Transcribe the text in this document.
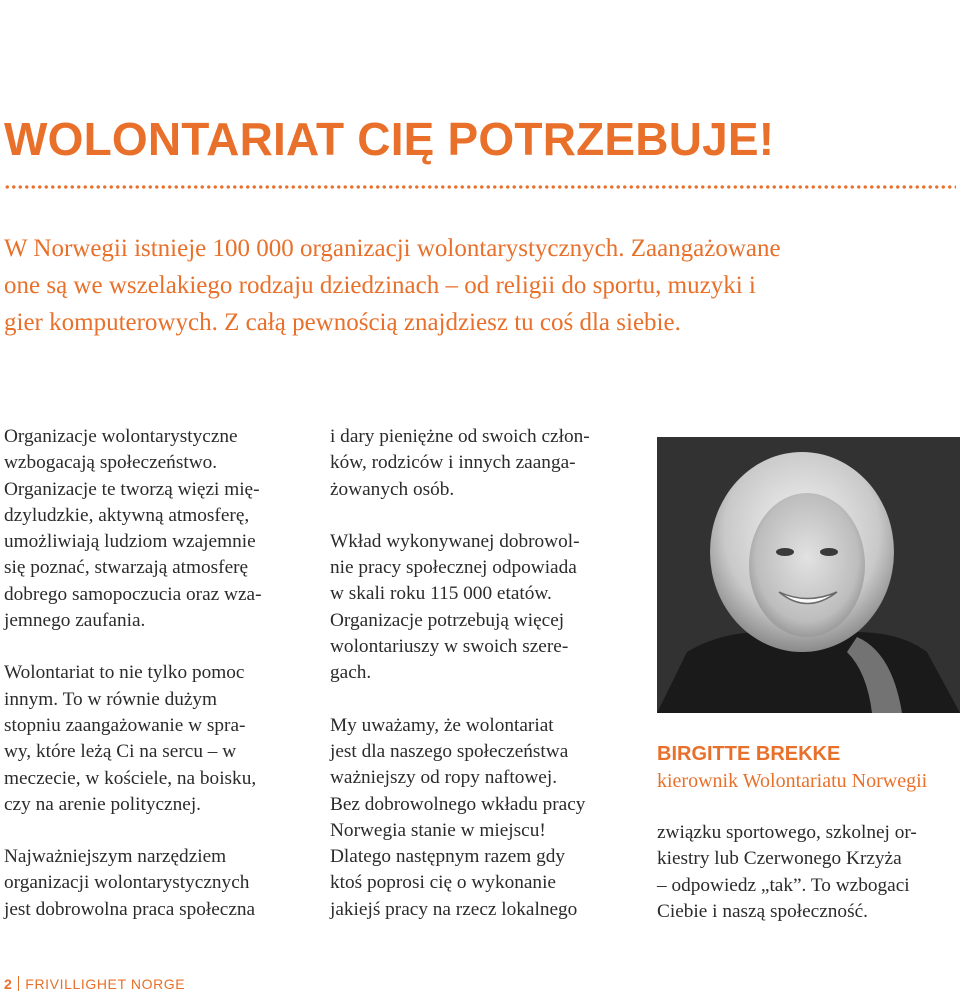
WOLONTARIAT CIĘ POTRZEBUJE!
W Norwegii istnieje 100 000 organizacji wolontarystycznych. Zaangażowane
one są we wszelakiego rodzaju dziedzinach – od religii do sportu, muzyki i
gier komputerowych. Z całą pewnością znajdziesz tu coś dla siebie.

Organizacje wolontarystyczne

wzbogacają społeczeństwo.

Organizacje te tworzą więzi mię-

dzyludzkie, aktywną atmosferę,

umożliwiają ludziom wzajemnie

się poznać, stwarzają atmosferę

dobrego samopoczucia oraz wza-

jemnego zaufania.

Wolontariat to nie tylko pomoc

innym. To w równie dużym

stopniu zaangażowanie w spra-

wy, które leżą Ci na sercu – w

meczecie, w kościele, na boisku,

czy na arenie politycznej.

Najważniejszym narzędziem

organizacji wolontarystycznych

jest dobrowolna praca społeczna

i dary pieniężne od swoich człon-

ków, rodziców i innych zaanga-

żowanych osób.

Wkład wykonywanej dobrowol-

nie pracy społecznej odpowiada

w skali roku 115 000 etatów.

Organizacje potrzebują więcej

wolontariuszy w swoich szere-

gach.

My uważamy, że wolontariat

jest dla naszego społeczeństwa

ważniejszy od ropy naftowej.

Bez dobrowolnego wkładu pracy

Norwegia stanie w miejscu!

Dlatego następnym razem gdy

ktoś poprosi cię o wykonanie

jakiejś pracy na rzecz lokalnego

BIRGITTE BREKKE

kierownik Wolontariatu Norwegii

związku sportowego, szkolnej or-

kiestry lub Czerwonego Krzyża

– odpowiedz „tak”. To wzbogaci

Ciebie i naszą społeczność.

2 FRIVILLIGHET NORGE
